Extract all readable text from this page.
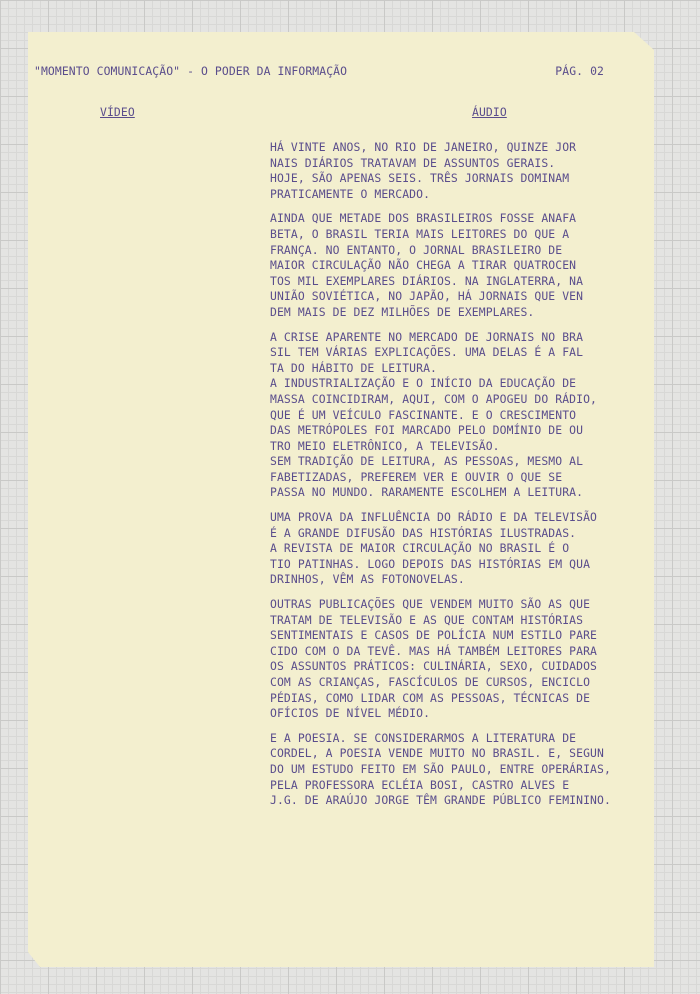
"MOMENTO COMUNICAÇÃO" - O PODER DA INFORMAÇÃO	PÁG. 02
VÍDEO	ÁUDIO
HÁ VINTE ANOS, NO RIO DE JANEIRO, QUINZE JOR
NAIS DIÁRIOS TRATAVAM DE ASSUNTOS GERAIS.
HOJE, SÃO APENAS SEIS. TRÊS JORNAIS DOMINAM
PRATICAMENTE O MERCADO.
AINDA QUE METADE DOS BRASILEIROS FOSSE ANAFA
BETA, O BRASIL TERIA MAIS LEITORES DO QUE A
FRANÇA. NO ENTANTO, O JORNAL BRASILEIRO DE
MAIOR CIRCULAÇÃO NÃO CHEGA A TIRAR QUATROCEN
TOS MIL EXEMPLARES DIÁRIOS. NA INGLATERRA, NA
UNIÃO SOVIÉTICA, NO JAPÃO, HÁ JORNAIS QUE VEN
DEM MAIS DE DEZ MILHÕES DE EXEMPLARES.
A CRISE APARENTE NO MERCADO DE JORNAIS NO BRA
SIL TEM VÁRIAS EXPLICAÇÕES. UMA DELAS É A FAL
TA DO HÁBITO DE LEITURA.
A INDUSTRIALIZAÇÃO E O INÍCIO DA EDUCAÇÃO DE
MASSA COINCIDIRAM, AQUI, COM O APOGEU DO RÁDIO,
QUE É UM VEÍCULO FASCINANTE. E O CRESCIMENTO
DAS METRÓPOLES FOI MARCADO PELO DOMÍNIO DE OU
TRO MEIO ELETRÔNICO, A TELEVISÃO.
SEM TRADIÇÃO DE LEITURA, AS PESSOAS, MESMO AL
FABETIZADAS, PREFEREM VER E OUVIR O QUE SE
PASSA NO MUNDO. RARAMENTE ESCOLHEM A LEITURA.
UMA PROVA DA INFLUÊNCIA DO RÁDIO E DA TELEVISÃO
É A GRANDE DIFUSÃO DAS HISTÓRIAS ILUSTRADAS.
A REVISTA DE MAIOR CIRCULAÇÃO NO BRASIL É O
TIO PATINHAS. LOGO DEPOIS DAS HISTÓRIAS EM QUA
DRINHOS, VÊM AS FOTONOVELAS.
OUTRAS PUBLICAÇÕES QUE VENDEM MUITO SÃO AS QUE
TRATAM DE TELEVISÃO E AS QUE CONTAM HISTÓRIAS
SENTIMENTAIS E CASOS DE POLÍCIA NUM ESTILO PARE
CIDO COM O DA TEVÊ. MAS HÁ TAMBÉM LEITORES PARA
OS ASSUNTOS PRÁTICOS: CULINÁRIA, SEXO, CUIDADOS
COM AS CRIANÇAS, FASCÍCULOS DE CURSOS, ENCICLO
PÉDIAS, COMO LIDAR COM AS PESSOAS, TÉCNICAS DE
OFÍCIOS DE NÍVEL MÉDIO.
E A POESIA. SE CONSIDERARMOS A LITERATURA DE
CORDEL, A POESIA VENDE MUITO NO BRASIL. E, SEGUN
DO UM ESTUDO FEITO EM SÃO PAULO, ENTRE OPERÁRIAS,
PELA PROFESSORA ECLÉIA BOSI, CASTRO ALVES E
J.G. DE ARAÚJO JORGE TÊM GRANDE PÚBLICO FEMININO.
